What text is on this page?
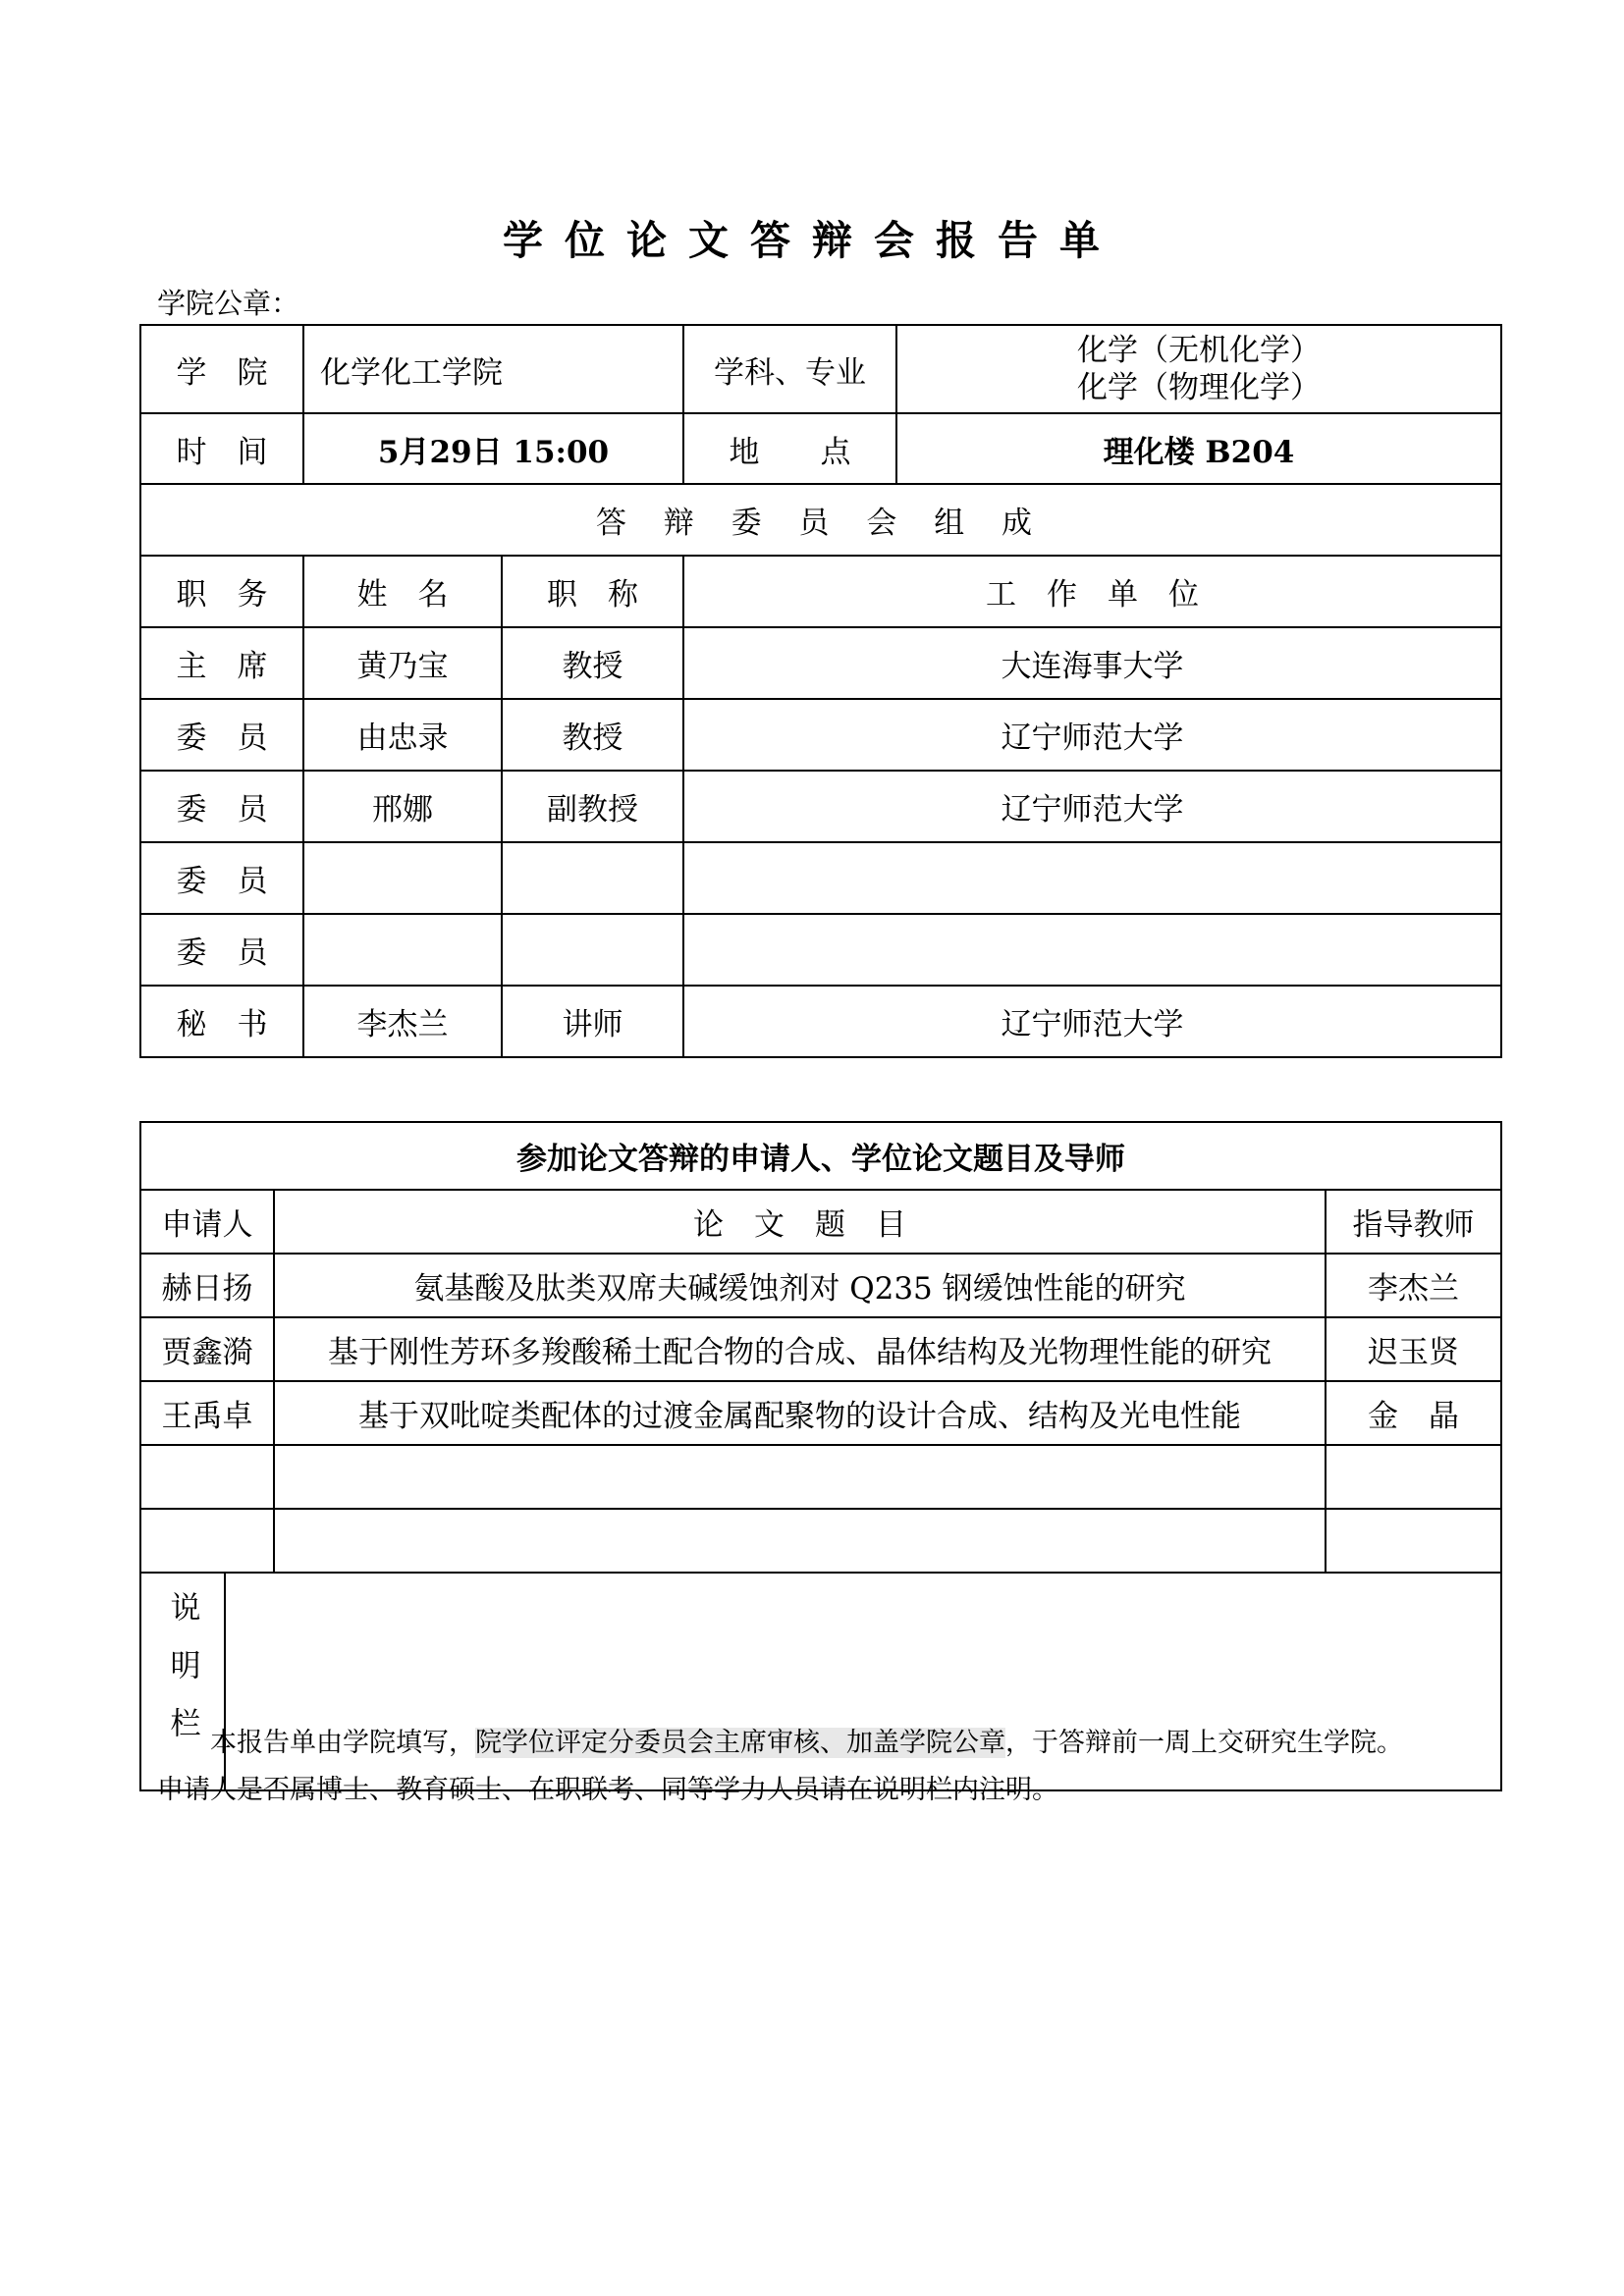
学位论文答辩会报告单
学院公章：
学　院	化学化工学院		学科、专业	化学（无机化学）
化学（物理化学）

时　间	5月29日 15:00		地　　点	理化楼 B204
答 辩 委 员 会 组 成				
职　务	姓　名	职　称	工　作　单　位	
主　席	黄乃宝	教授	大连海事大学	
委　员	由忠录	教授	辽宁师范大学	
委　员	邢娜	副教授	辽宁师范大学	
委　员				
委　员				
秘　书	李杰兰	讲师	辽宁师范大学	
参加论文答辩的申请人、学位论文题目及导师			
申请人		论　文　题　目	指导教师
赫日扬		氨基酸及肽类双席夫碱缓蚀剂对 Q235 钢缓蚀性能的研究	李杰兰
贾鑫漪		基于刚性芳环多羧酸稀土配合物的合成、晶体结构及光物理性能的研究	迟玉贤
王禹卓		基于双吡啶类配体的过渡金属配聚物的设计合成、结构及光电性能	金　晶

说明栏			本报告单由学院填写，院学位评定分委员会主席审核、加盖学院公章，于答辩前一周上交研究生学院。
申请人是否属博士、教育硕士、在职联考、同等学力人员请在说明栏内注明。
